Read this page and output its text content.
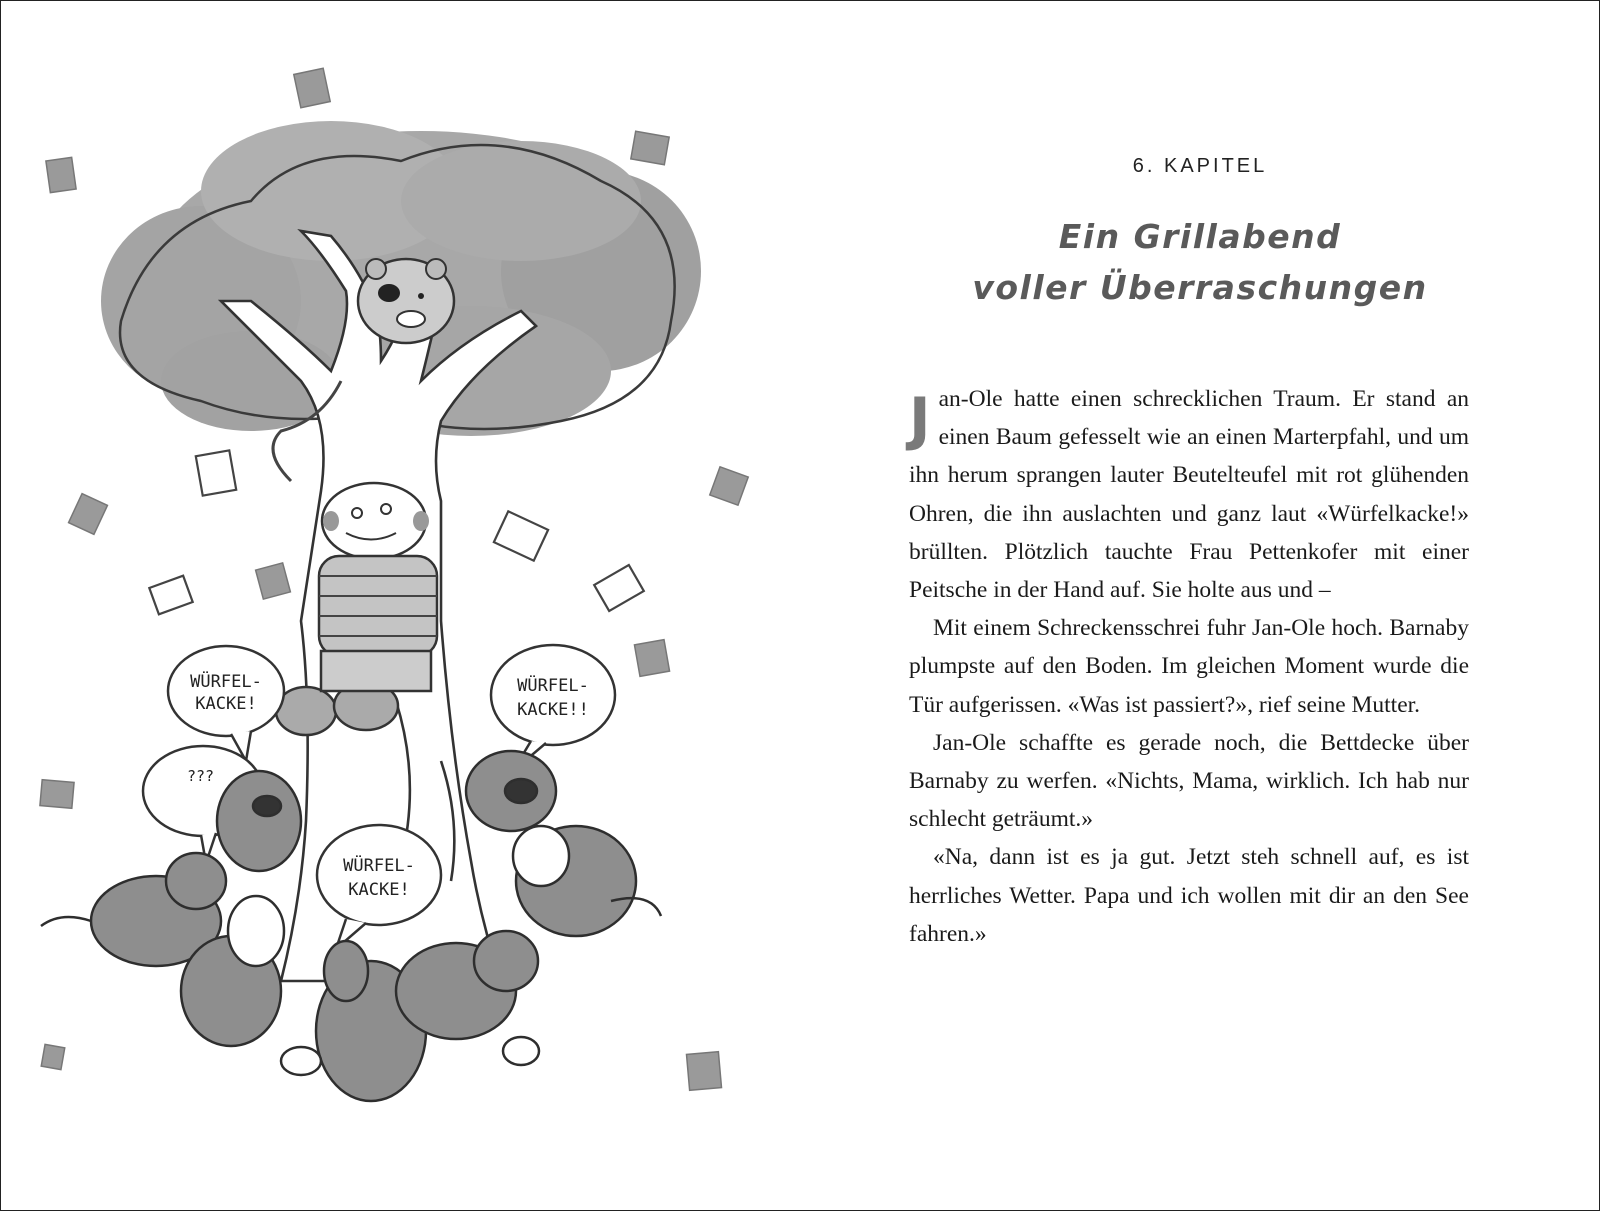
WÜRFEL-
KACKE!
WÜRFEL-
KACKE!!
WÜRFEL-
KACKE!
???
6. KAPITEL
Ein Grillabend
voller Überraschungen

Jan-Ole hatte einen schrecklichen Traum. Er stand an einen Baum gefesselt wie an einen Marterpfahl, und um ihn herum sprangen lauter Beutelteufel mit rot glühenden Ohren, die ihn auslachten und ganz laut «Würfelkacke!» brüllten. Plötzlich tauchte Frau Pettenkofer mit einer Peitsche in der Hand auf. Sie holte aus und –

Mit einem Schreckensschrei fuhr Jan-Ole hoch. Barnaby plumpste auf den Boden. Im gleichen Moment wurde die Tür aufgerissen. «Was ist passiert?», rief seine Mutter.

Jan-Ole schaffte es gerade noch, die Bettdecke über Barnaby zu werfen. «Nichts, Mama, wirklich. Ich hab nur schlecht geträumt.»

«Na, dann ist es ja gut. Jetzt steh schnell auf, es ist herrliches Wetter. Papa und ich wollen mit dir an den See fahren.»
